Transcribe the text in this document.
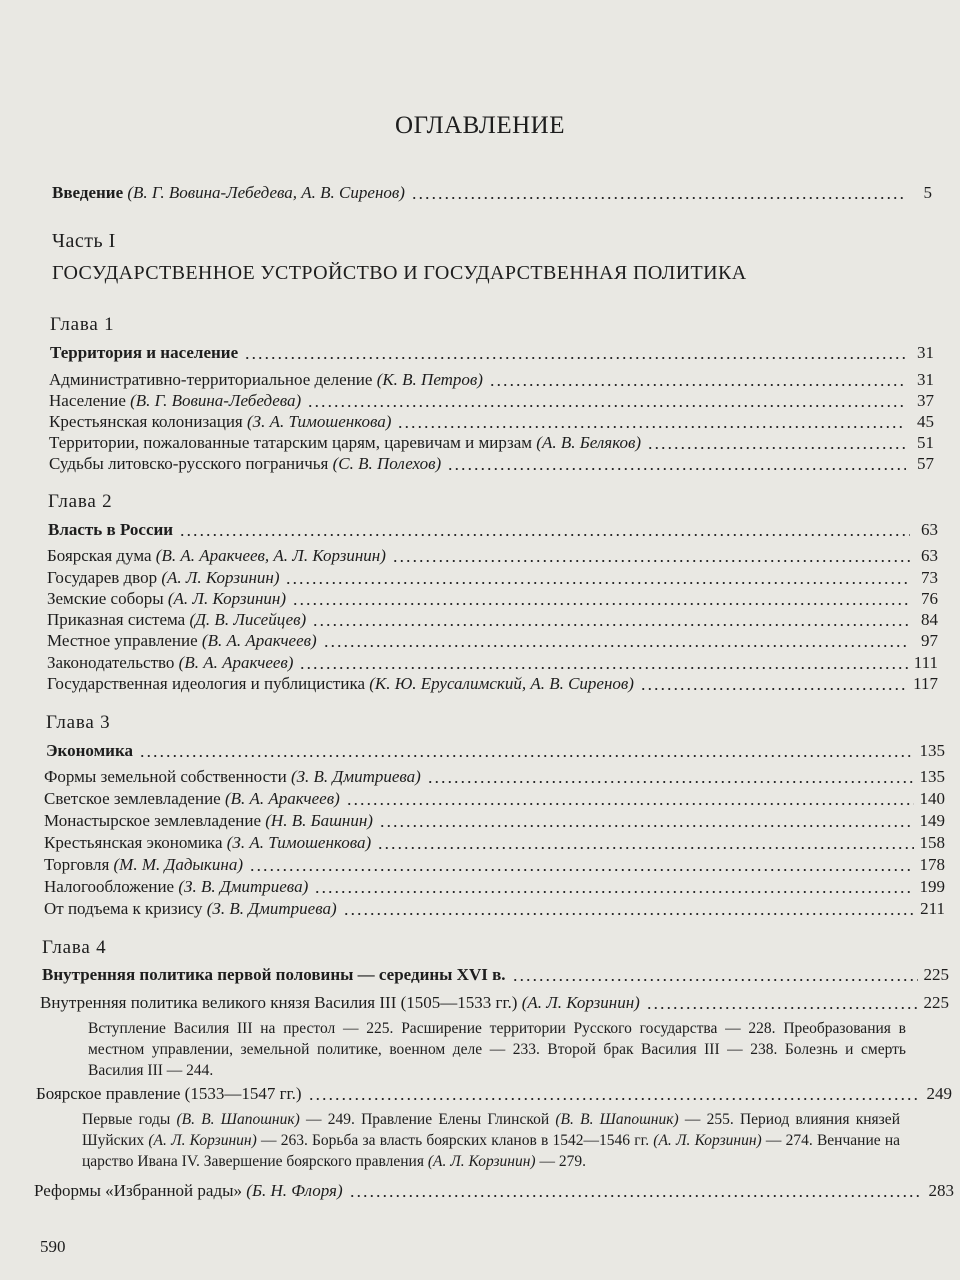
ОГЛАВЛЕНИЕ
Введение (В. Г. Вовина-Лебедева, А. В. Сиренов)	5
Часть I
ГОСУДАРСТВЕННОЕ УСТРОЙСТВО И ГОСУДАРСТВЕННАЯ ПОЛИТИКА
Глава 1
Территория и население	31
Административно-территориальное деление (К. В. Петров)	31
Население (В. Г. Вовина-Лебедева)	37
Крестьянская колонизация (З. А. Тимошенкова)	45
Территории, пожалованные татарским царям, царевичам и мирзам (А. В. Беляков)	51
Судьбы литовско-русского пограничья (С. В. Полехов)	57
Глава 2
Власть в России	63
Боярская дума (В. А. Аракчеев, А. Л. Корзинин)	63
Государев двор (А. Л. Корзинин)	73
Земские соборы (А. Л. Корзинин)	76
Приказная система (Д. В. Лисейцев)	84
Местное управление (В. А. Аракчеев)	97
Законодательство (В. А. Аракчеев)	111
Государственная идеология и публицистика (К. Ю. Ерусалимский, А. В. Сиренов)	117
Глава 3
Экономика	135
Формы земельной собственности (З. В. Дмитриева)	135
Светское землевладение (В. А. Аракчеев)	140
Монастырское землевладение (Н. В. Башнин)	149
Крестьянская экономика (З. А. Тимошенкова)	158
Торговля (М. М. Дадыкина)	178
Налогообложение (З. В. Дмитриева)	199
От подъема к кризису (З. В. Дмитриева)	211
Глава 4
Внутренняя политика первой половины — середины XVI в.	225
Внутренняя политика великого князя Василия III (1505—1533 гг.) (А. Л. Корзинин)	225
Вступление Василия III на престол — 225. Расширение территории Русского государства — 228. Преобразования в местном управлении, земельной политике, военном деле — 233. Второй брак Василия III — 238. Болезнь и смерть Василия III — 244.
Боярское правление (1533—1547 гг.)	249
Первые годы (В. В. Шапошник) — 249. Правление Елены Глинской (В. В. Шапошник) — 255. Период влияния князей Шуйских (А. Л. Корзинин) — 263. Борьба за власть боярских кланов в 1542—1546 гг. (А. Л. Корзинин) — 274. Венчание на царство Ивана IV. Завершение боярского правления (А. Л. Корзинин) — 279.
Реформы «Избранной рады» (Б. Н. Флоря)	283
590
